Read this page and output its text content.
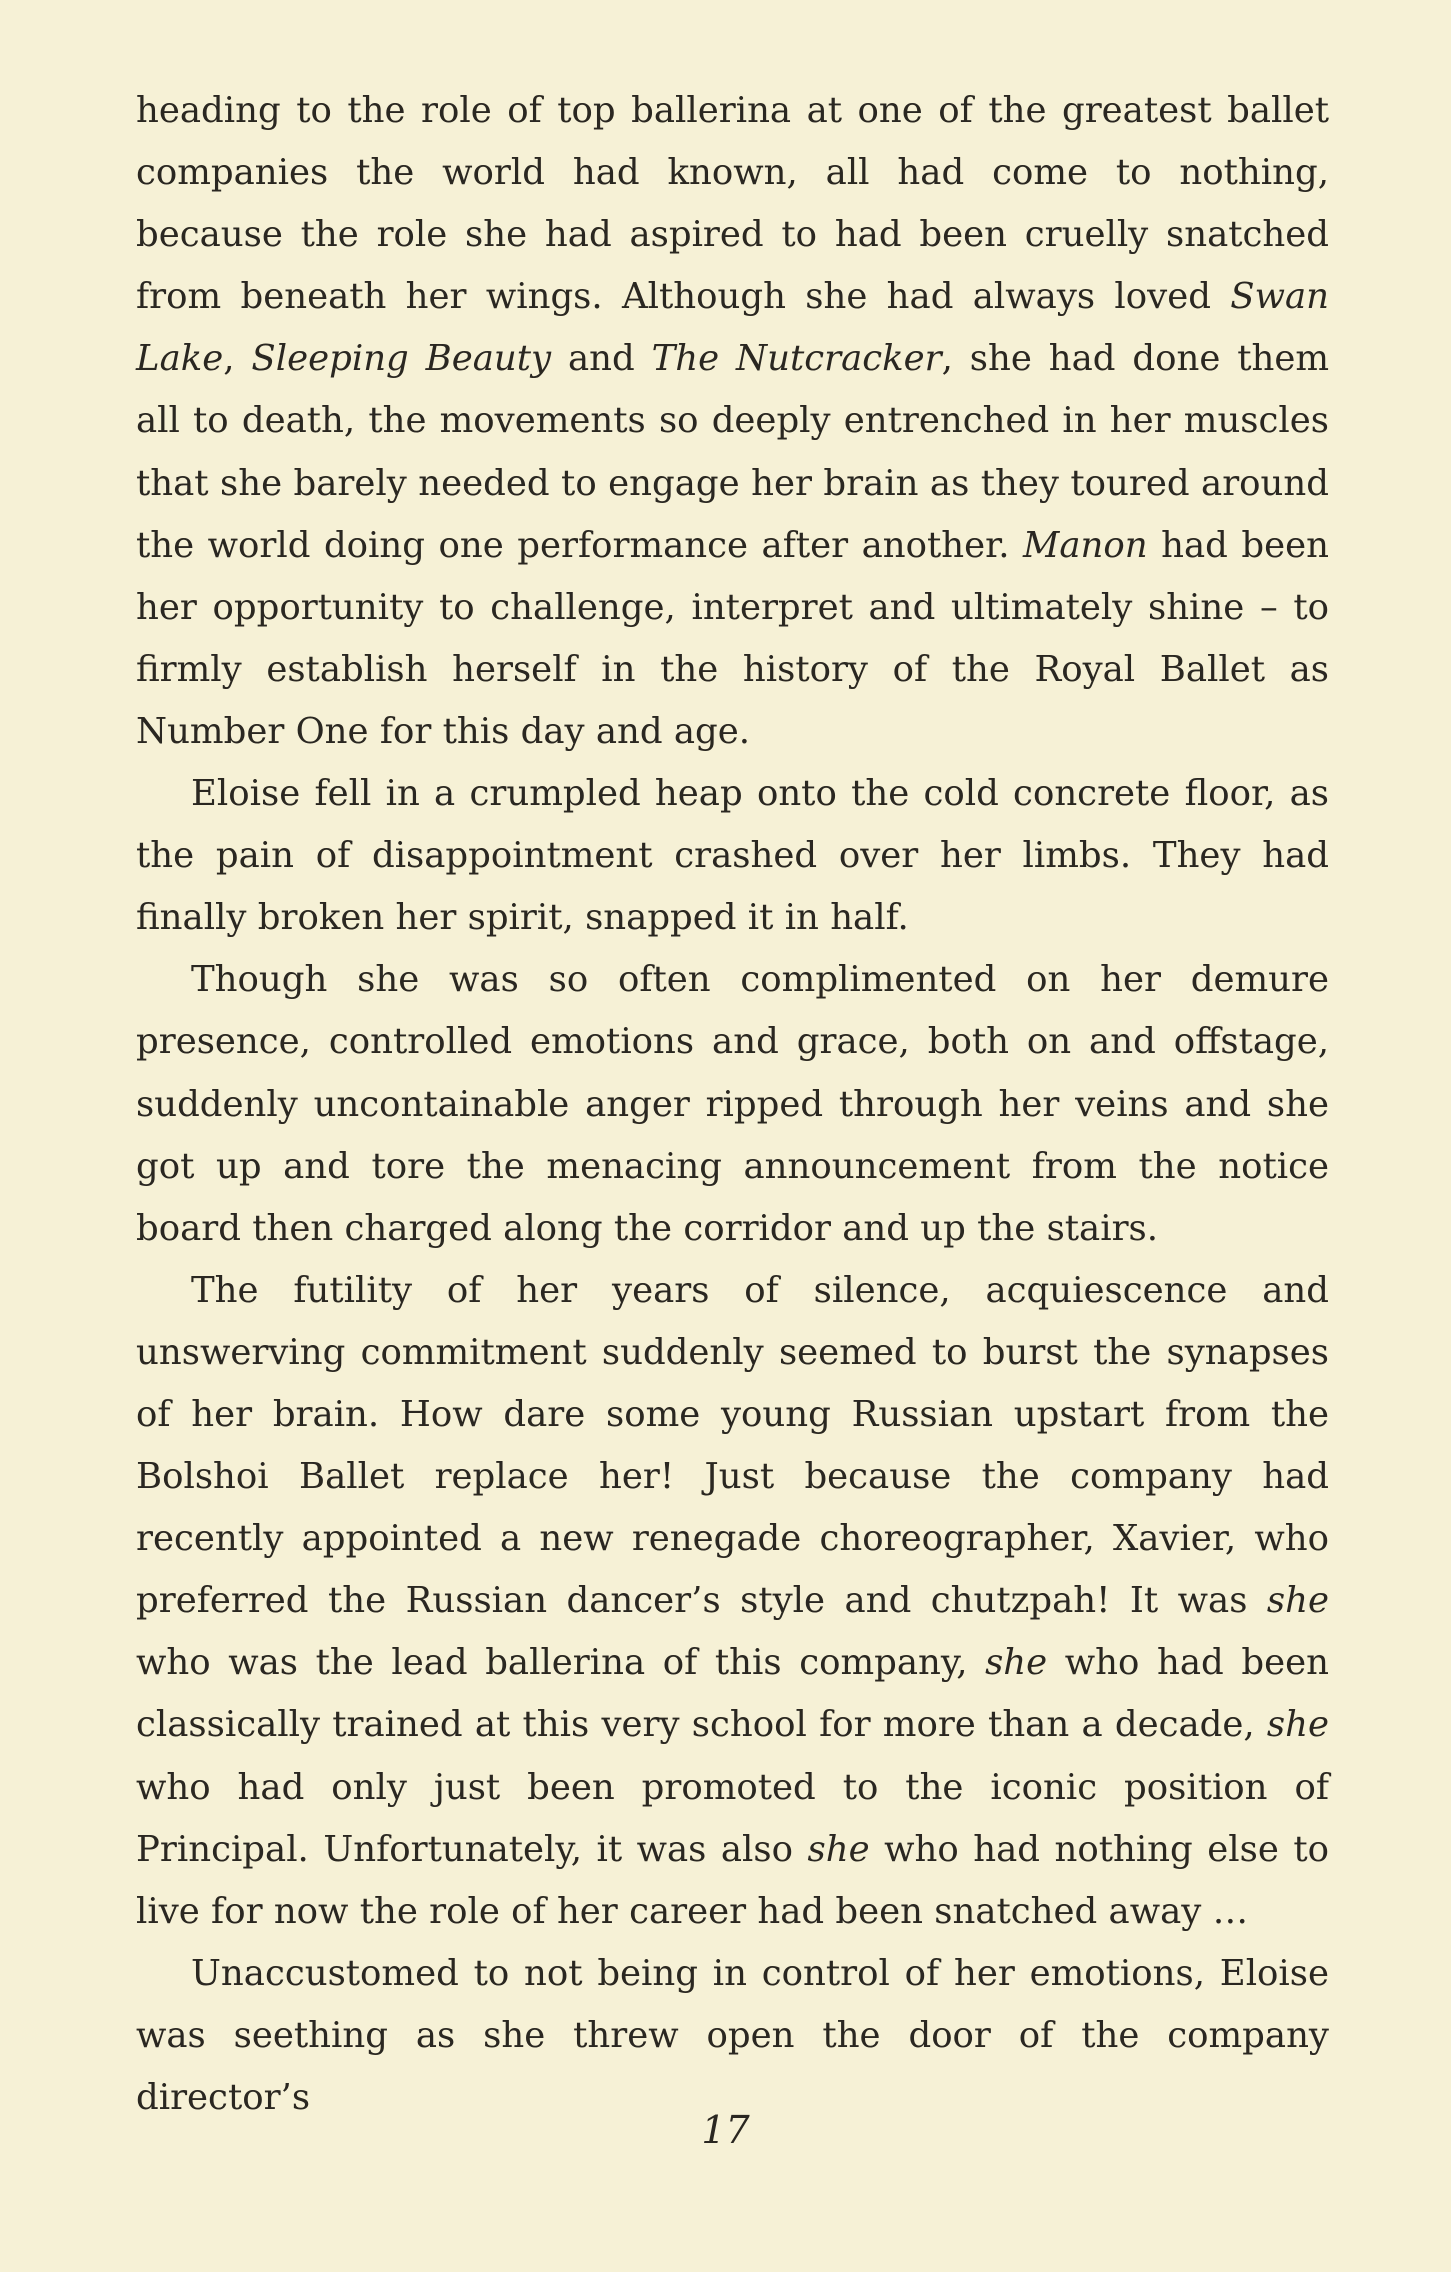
heading to the role of top ballerina at one of the greatest ballet companies the world had known, all had come to nothing, because the role she had aspired to had been cruelly snatched from beneath her wings. Although she had always loved Swan Lake, Sleeping Beauty and The Nutcracker, she had done them all to death, the movements so deeply entrenched in her muscles that she barely needed to engage her brain as they toured around the world doing one performance after another. Manon had been her opportunity to challenge, interpret and ultimately shine – to firmly establish herself in the history of the Royal Ballet as Number One for this day and age.

Eloise fell in a crumpled heap onto the cold concrete floor, as the pain of disappointment crashed over her limbs. They had finally broken her spirit, snapped it in half.

Though she was so often complimented on her demure presence, controlled emotions and grace, both on and offstage, suddenly uncontainable anger ripped through her veins and she got up and tore the menacing announcement from the notice board then charged along the corridor and up the stairs.

The futility of her years of silence, acquiescence and unswerving commitment suddenly seemed to burst the synapses of her brain. How dare some young Russian upstart from the Bolshoi Ballet replace her! Just because the company had recently appointed a new renegade choreographer, Xavier, who preferred the Russian dancer’s style and chutzpah! It was she who was the lead ballerina of this company, she who had been classically trained at this very school for more than a decade, she who had only just been promoted to the iconic position of Principal. Unfortunately, it was also she who had nothing else to live for now the role of her career had been snatched away …

Unaccustomed to not being in control of her emotions, Eloise was seething as she threw open the door of the company director’s

17
